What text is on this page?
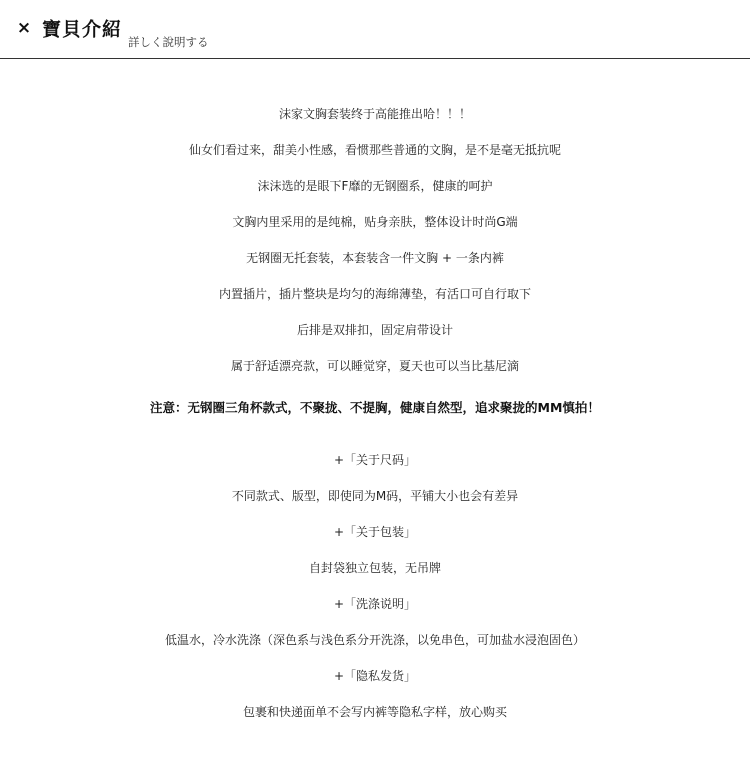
× 寶貝介紹
詳しく說明する
沫家文胸套装终于高能推出哈！！！
仙女们看过来，甜美小性感，看惯那些普通的文胸，是不是毫无抵抗呢
沫沫选的是眼下F靡的无钢圈系，健康的呵护
文胸内里采用的是纯棉，贴身亲肤，整体设计时尚G端
无钢圈无托套装，本套装含一件文胸 + 一条内裤
内置插片，插片整块是均匀的海绵薄垫，有活口可自行取下
后排是双排扣，固定肩带设计
属于舒适漂亮款，可以睡觉穿，夏天也可以当比基尼滴
注意：无钢圈三角杯款式，不聚拢、不提胸，健康自然型，追求聚拢的MM慎拍！
+「关于尺码」
不同款式、版型，即使同为M码，平铺大小也会有差异
+「关于包装」
自封袋独立包装，无吊牌
+「洗涤说明」
低温水，冷水洗涤（深色系与浅色系分开洗涤，以免串色，可加盐水浸泡固色）
+「隐私发货」
包裹和快递面单不会写内裤等隐私字样，放心购买
